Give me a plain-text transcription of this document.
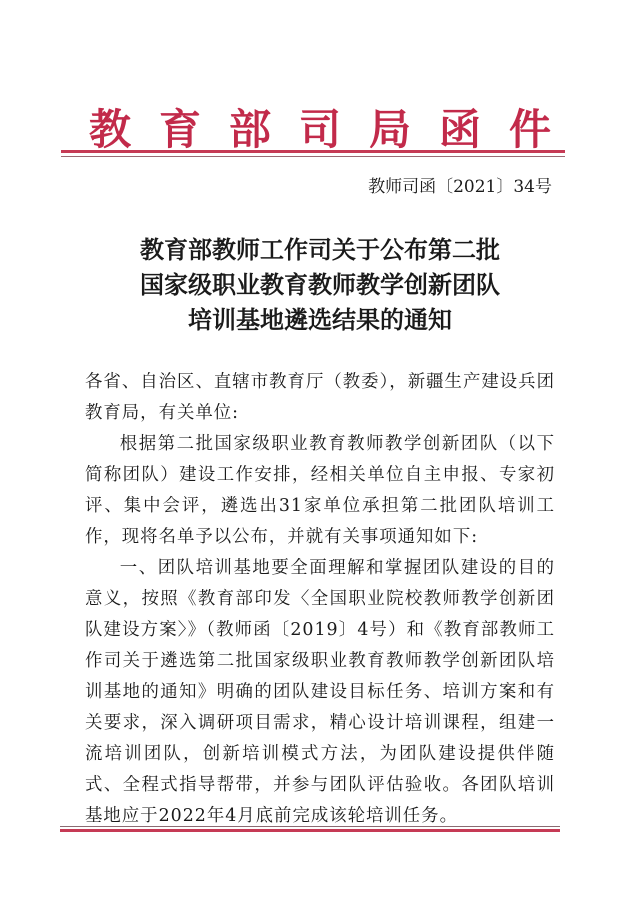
教育部司局函件
教师司函〔2021〕34号
教育部教师工作司关于公布第二批
国家级职业教育教师教学创新团队
培训基地遴选结果的通知

各省、自治区、直辖市教育厅（教委），新疆生产建设兵团教育局，有关单位:

根据第二批国家级职业教育教师教学创新团队（以下简称团队）建设工作安排，经相关单位自主申报、专家初评、集中会评，遴选出31家单位承担第二批团队培训工作，现将名单予以公布，并就有关事项通知如下:

一、团队培训基地要全面理解和掌握团队建设的目的意义，按照《教育部印发〈全国职业院校教师教学创新团队建设方案〉》（教师函〔2019〕4号）和《教育部教师工作司关于遴选第二批国家级职业教育教师教学创新团队培训基地的通知》明确的团队建设目标任务、培训方案和有关要求，深入调研项目需求，精心设计培训课程，组建一流培训团队，创新培训模式方法，为团队建设提供伴随式、全程式指导帮带，并参与团队评估验收。各团队培训基地应于2022年4月底前完成该轮培训任务。
